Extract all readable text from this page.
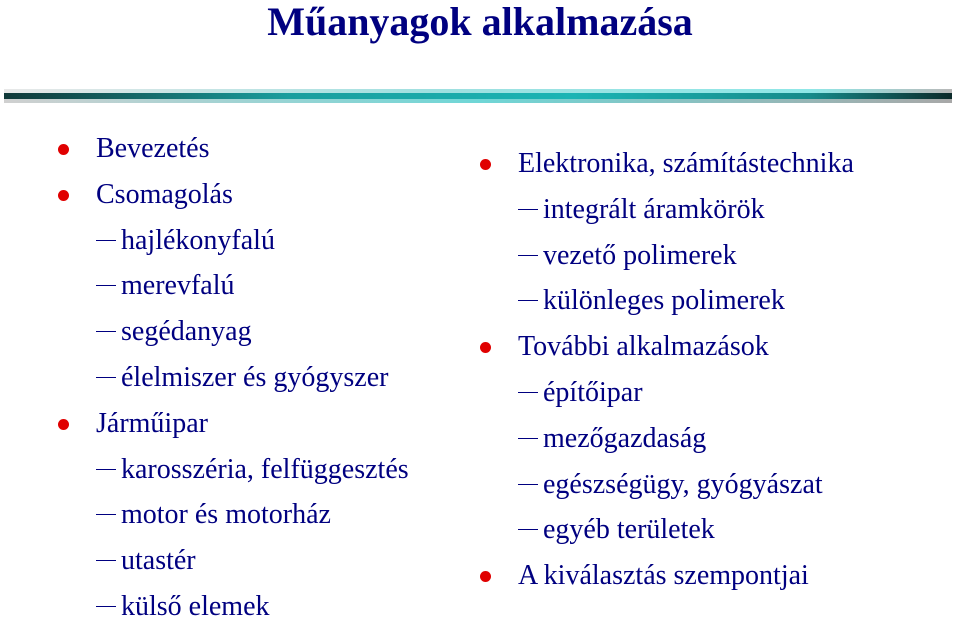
Műanyagok alkalmazása
Bevezetés
Csomagolás
hajlékonyfalú
merevfalú
segédanyag
élelmiszer és gyógyszer
Járműipar
karosszéria, felfüggesztés
motor és motorház
utastér
külső elemek
Elektronika, számítástechnika
integrált áramkörök
vezető polimerek
különleges polimerek
További alkalmazások
építőipar
mezőgazdaság
egészségügy, gyógyászat
egyéb területek
A kiválasztás szempontjai
